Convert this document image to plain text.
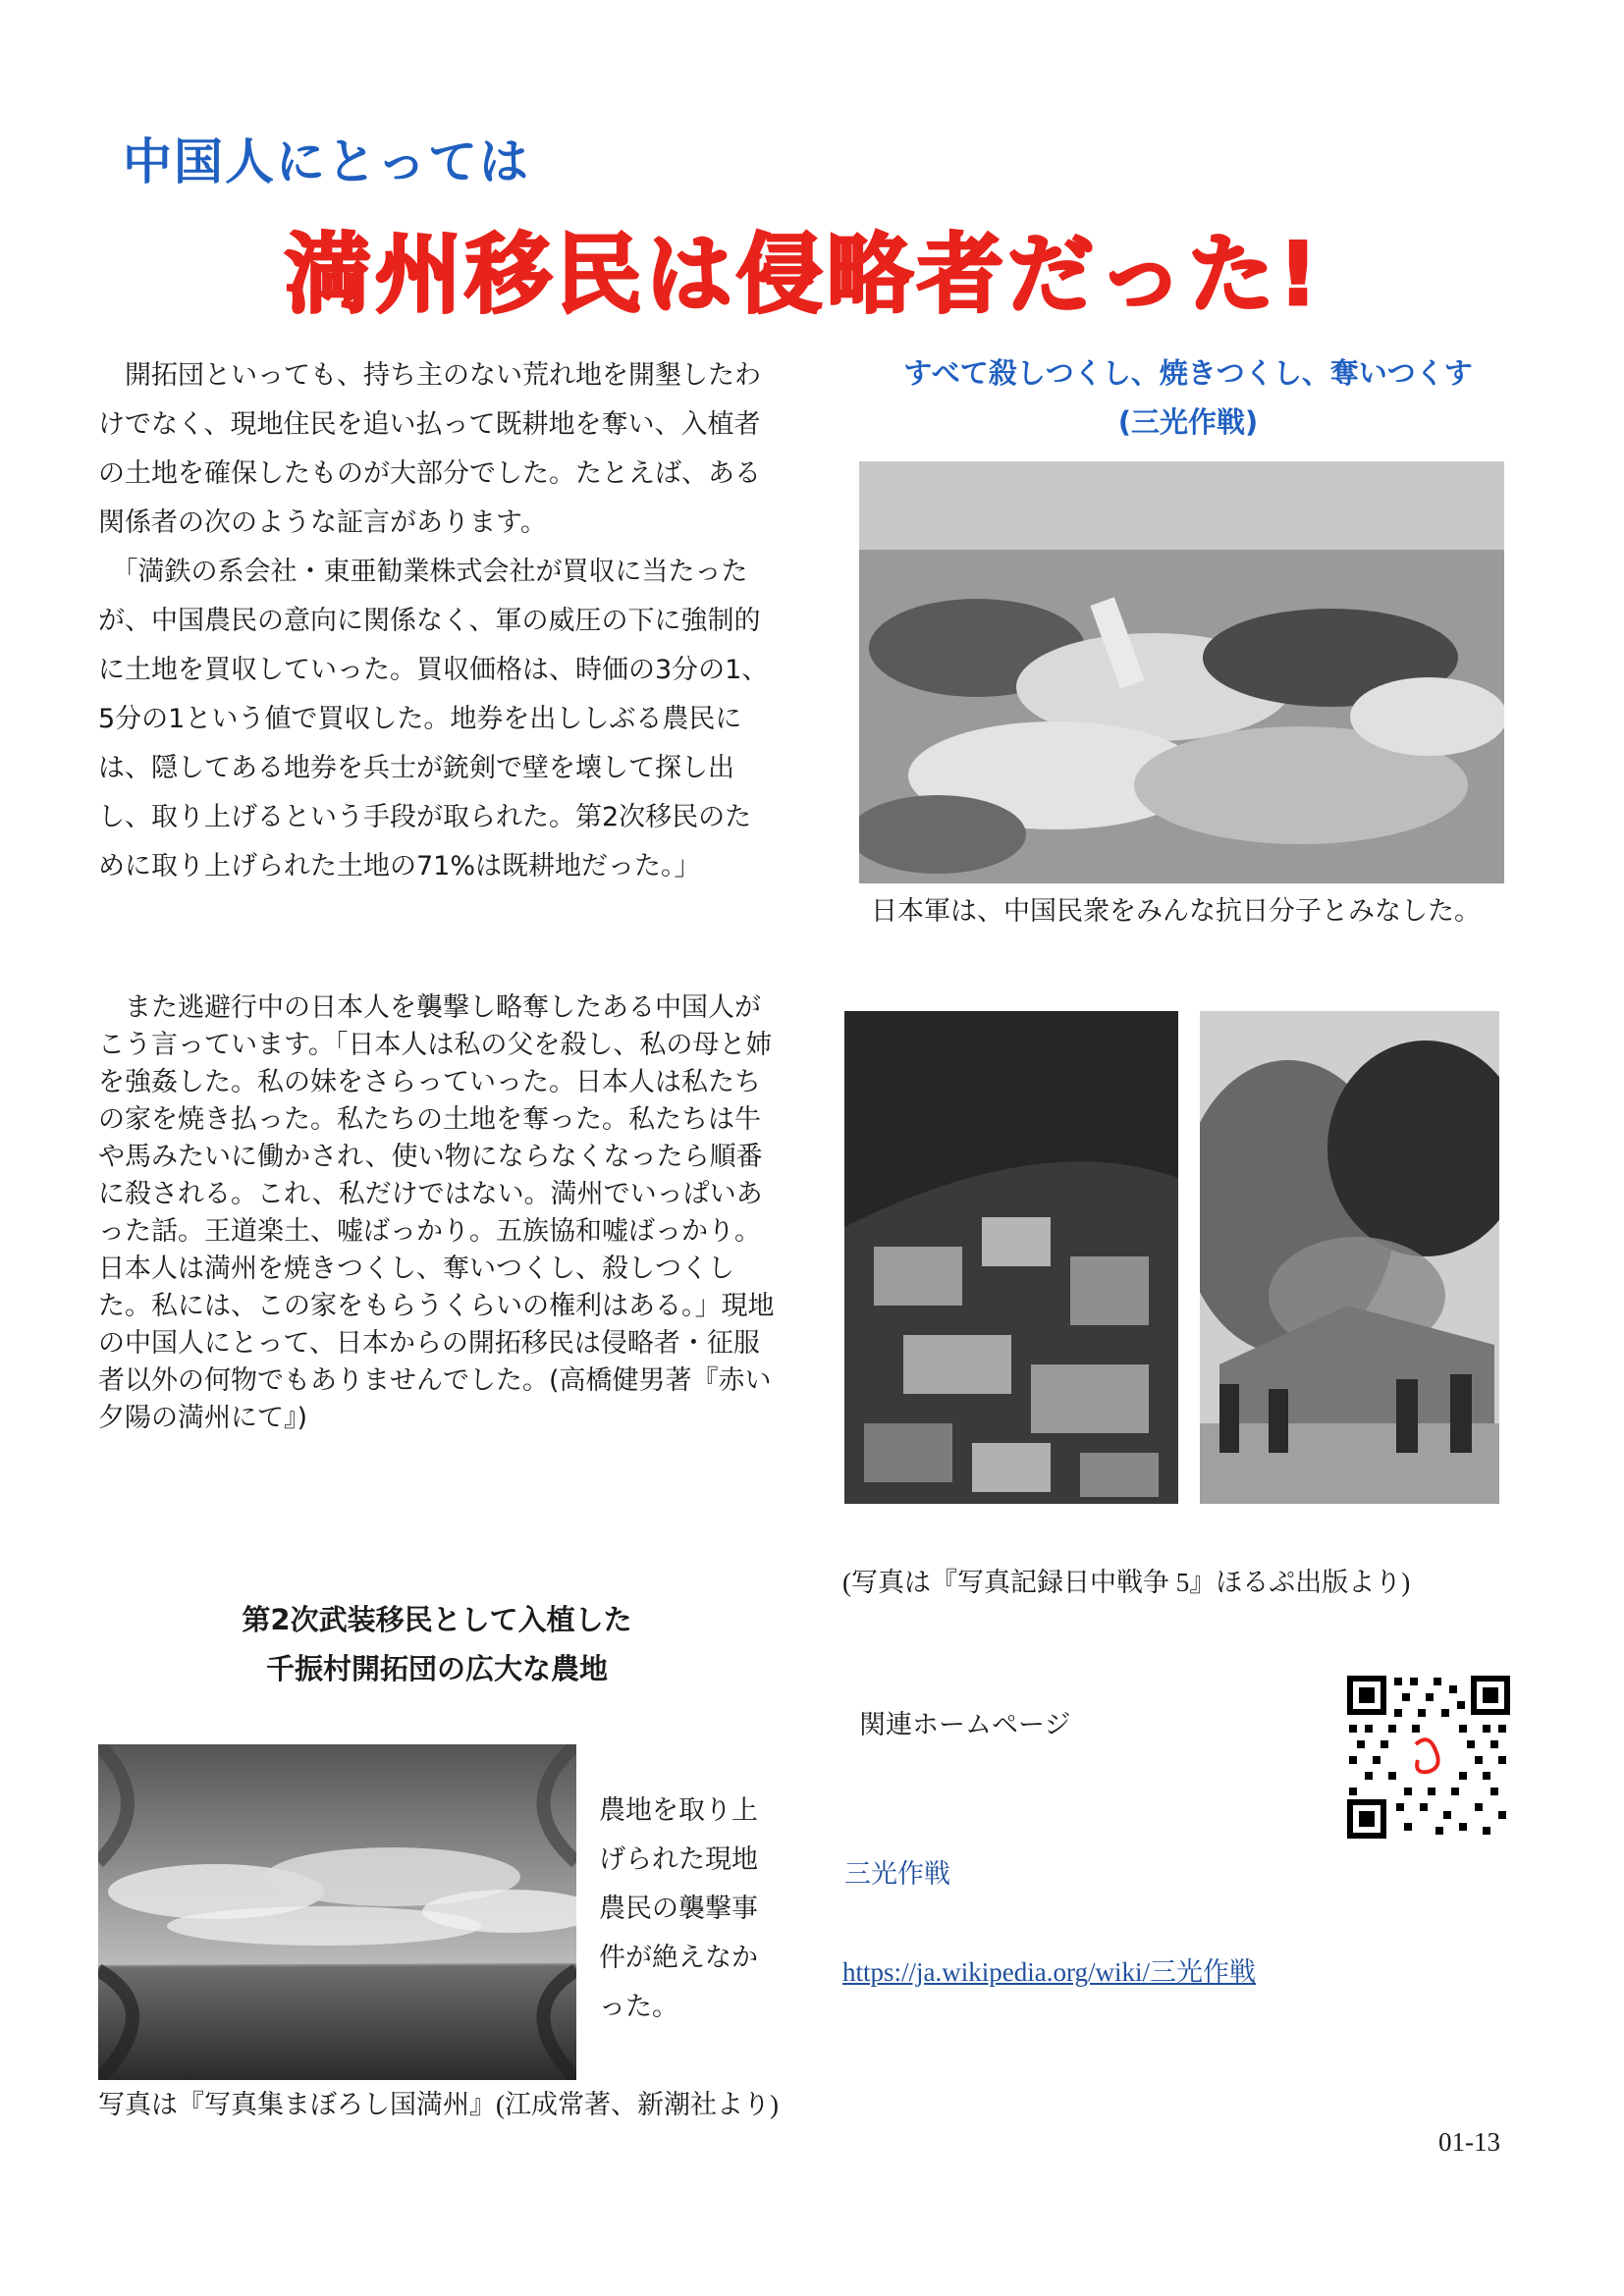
中国人にとっては
満州移民は侵略者だった!

　開拓団といっても、持ち主のない荒れ地を開墾したわけでなく、現地住民を追い払って既耕地を奪い、入植者の土地を確保したものが大部分でした。たとえば、ある関係者の次のような証言があります。

「満鉄の系会社・東亜勧業株式会社が買収に当たったが、中国農民の意向に関係なく、軍の威圧の下に強制的に土地を買収していった。買収価格は、時価の3分の1、5分の1という値で買収した。地券を出ししぶる農民には、隠してある地券を兵士が銃剣で壁を壊して探し出し、取り上げるという手段が取られた。第2次移民のために取り上げられた土地の71%は既耕地だった。」

　また逃避行中の日本人を襲撃し略奪したある中国人がこう言っています。「日本人は私の父を殺し、私の母と姉を強姦した。私の妹をさらっていった。日本人は私たちの家を焼き払った。私たちの土地を奪った。私たちは牛や馬みたいに働かされ、使い物にならなくなったら順番に殺される。これ、私だけではない。満州でいっぱいあった話。王道楽土、嘘ばっかり。五族協和嘘ばっかり。日本人は満州を焼きつくし、奪いつくし、殺しつくした。私には、この家をもらうくらいの権利はある。」現地の中国人にとって、日本からの開拓移民は侵略者・征服者以外の何物でもありませんでした。(高橋健男著『赤い夕陽の満州にて』)

第2次武装移民として入植した
千振村開拓団の広大な農地
農地を取り上げられた現地農民の襲撃事件が絶えなかった。
写真は『写真集まぼろし国満州』(江成常著、新潮社より)
すべて殺しつくし、焼きつくし、奪いつくす
(三光作戦)
　日本軍は、中国民衆をみんな抗日分子とみなした。
(写真は『写真記録日中戦争 5』ほるぷ出版より)
関連ホームページ
三光作戦
https://ja.wikipedia.org/wiki/三光作戦
01-13
